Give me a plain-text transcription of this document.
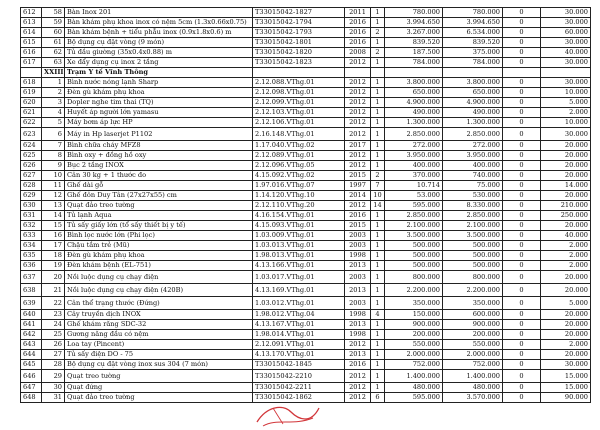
612	58	Bàn Inox 201	T33015042-1827	2011	1	780.000	780.000	0	30.000
613	59	Bàn khám phụ khoa inox có nệm 5cm (1.3x0.66x0.75)	T33015042-1794	2016	1	3.994.650	3.994.650	0	30.000
614	60	Bàn khám bệnh + tiểu phẫu inox (0.9x1.8x0.6) m	T33015042-1793	2016	2	3.267.000	6.534.000	0	60.000
615	61	Bộ dụng cụ đặt vòng (9 món)	T33015042-1801	2016	1	839.520	839.520	0	30.000
616	62	Tủ đầu giường (35x0.4x0.88) m	T33015042-1820	2008	2	187.500	375.000	0	40.000
617	63	Xe đẩy dụng cụ inox 2 tầng	T33015042-1823	2012	1	784.000	784.000	0	30.000
	XXIII	Trạm Y tế Vĩnh Thông							
618	1	Bình nước nóng lạnh Sharp	2.12.088.VThg.01	2012	1	3.800.000	3.800.000	0	30.000
619	2	Đèn gù khám phụ khoa	2.12.098.VThg.01	2012	1	650.000	650.000	0	10.000
620	3	Dopler nghe tim thai (TQ)	2.12.099.VThg.01	2012	1	4.900.000	4.900.000	0	5.000
621	4	Huyết áp người lớn yamasu	2.12.103.VThg.01	2012	1	490.000	490.000	0	2.000
622	5	Máy bơm áp lực HP	2.12.106.VThg.01	2012	1	1.300.000	1.300.000	0	10.000
623	6	Máy in Hp laserjet P1102	2.16.148.VThg.01	2012	1	2.850.000	2.850.000	0	30.000
624	7	Bình chữa cháy MFZ8	1.17.040.VThg.02	2017	1	272.000	272.000	0	20.000
625	8	Bình oxy + đồng hồ oxy	2.12.089.VThg.01	2012	1	3.950.000	3.950.000	0	20.000
626	9	Bục 2 tầng INOX	2.12.096.VThg.05	2012	1	400.000	400.000	0	20.000
627	10	Cân 30 kg + 1 thước đo	4.15.092.VThg.02	2015	2	370.000	740.000	0	20.000
628	11	Ghế dài gỗ	1.97.016.VThg.07	1997	7	10.714	75.000	0	14.000
629	12	Ghế đôn Duy Tân (27x27x55) cm	1.14.120.VThg.10	2014	10	53.000	530.000	0	20.000
630	13	Quạt đảo treo tường	2.12.110.VThg.20	2012	14	595.000	8.330.000	0	210.000
631	14	Tủ lạnh Aqua	4.16.154.VThg.01	2016	1	2.850.000	2.850.000	0	250.000
632	15	Tủ sấy giấy lớn (tổ sấy thiết bị y tế)	4.15.093.VThg.01	2015	1	2.100.000	2.100.000	0	20.000
633	16	Bình lọc nước lớn (Phi lọc)	1.03.009.VThg.01	2003	1	3.500.000	3.500.000	0	40.000
634	17	Chậu tắm trẻ (Mũ)	1.03.013.VThg.01	2003	1	500.000	500.000	0	2.000
635	18	Đèn gù khám phụ khoa	1.98.013.VThg.01	1998	1	500.000	500.000	0	2.000
636	19	Đèn khám bệnh (EL-751)	4.13.166.VThg.01	2013	1	500.000	500.000	0	2.000
637	20	Nồi luộc dụng cụ chạy điện	1.03.017.VThg.01	2003	1	800.000	800.000	0	20.000
638	21	Nồi luộc dụng cụ chạy điện (420B)	4.13.169.VThg.01	2013	1	2.200.000	2.200.000	0	20.000
639	22	Cân thể trạng thước (Đứng)	1.03.012.VThg.01	2003	1	350.000	350.000	0	5.000
640	23	Cây truyền dịch INOX	1.98.012.VThg.04	1998	4	150.000	600.000	0	20.000
641	24	Ghế khám răng SDC-32	4.13.167.VThg.01	2013	1	900.000	900.000	0	20.000
642	25	Gương năng đầu có nệm	1.98.014.VThg.01	1998	1	200.000	200.000	0	20.000
643	26	Loa tay (Pincent)	2.12.091.VThg.01	2012	1	550.000	550.000	0	2.000
644	27	Tủ sấy điện DO - 75	4.13.170.VThg.01	2013	1	2.000.000	2.000.000	0	20.000
645	28	Bộ dụng cụ đặt vòng inox sus 304 (7 món)	T33015042-1845	2016	1	752.000	752.000	0	30.000
646	29	Quạt treo tường	T33015042-2210	2012	1	1.400.000	1.400.000	0	15.000
647	30	Quạt đứng	T33015042-2211	2012	1	480.000	480.000	0	15.000
648	31	Quạt đảo treo tường	T33015042-1862	2012	6	595.000	3.570.000	0	90.000
